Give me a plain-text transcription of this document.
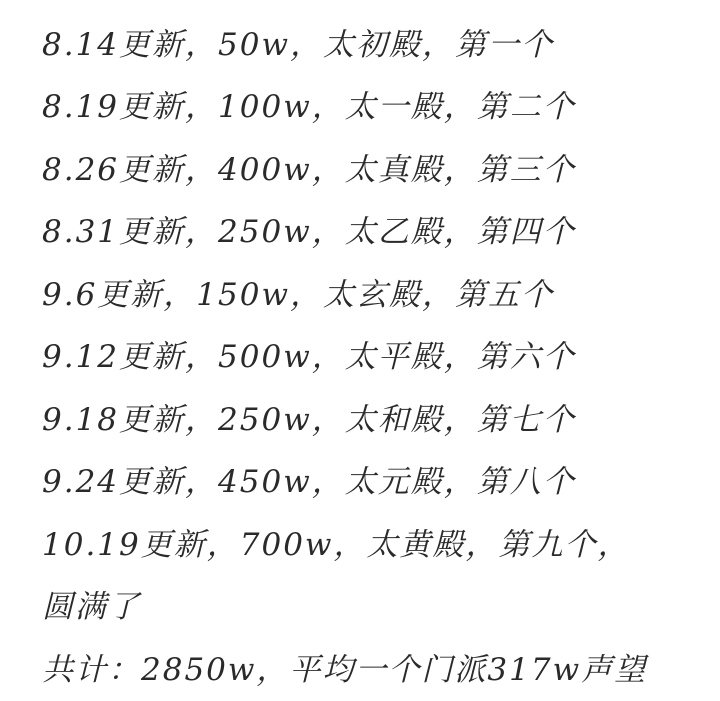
8.14更新，50w，太初殿，第一个
8.19更新，100w，太一殿，第二个
8.26更新，400w，太真殿，第三个
8.31更新，250w，太乙殿，第四个
9.6更新，150w，太玄殿，第五个
9.12更新，500w，太平殿，第六个
9.18更新，250w，太和殿，第七个
9.24更新，450w，太元殿，第八个
10.19更新，700w，太黄殿，第九个，
圆满了
共计：2850w，平均一个门派317w声望
